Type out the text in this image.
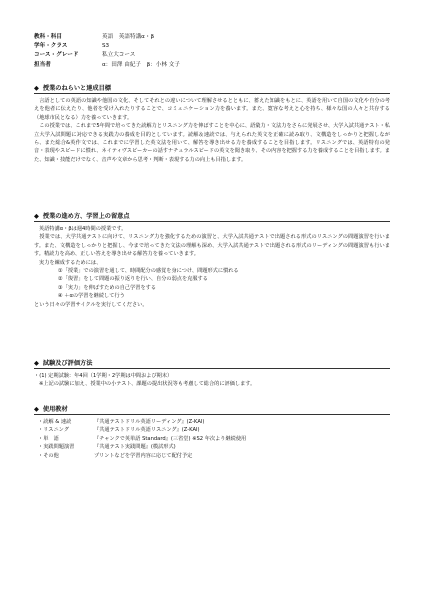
教科・科目	英語　英語特講α・β
学年・クラス	S3
コース・グレード	私立大コース
担当者	α：田澤 由紀子　β：小林 文子
◆ 授業のねらいと達成目標

言語としての英語の知識や他国の文化、そしてそれとの違いについて理解させるとともに、蓄えた知識をもとに、英語を用いて自国の文化や自分の考えを他者に伝えたり、他者を受け入れたりすることで、コミュニケーション力を養います。また、寛容な考えと心を持ち、様々な国の人々と共存する（地球市民となる）力を養っていきます。

この授業では、これまで5年間で培ってきた読解力とリスニング力を伸ばすことを中心に、語彙力・文法力をさらに発展させ、大学入試共通テスト・私立大学入試問題に対応できる実践力の養成を目的としています。読解＆速読では、与えられた英文を正確に読み取り、文構造をしっかりと把握しながら、また総合&英作文では、これまでに学習した英文法を用いて、解答を導き出せる力を養成することを目指します。リスニングでは、英語特有の発音・表現やスピードに慣れ、ネイティヴスピーカーの話すナチュラルスピードの英文を聞き取り、その内容を把握する力を養成することを目指します。また、知識・技能だけでなく、音声や文章から思考・判断・表現する力の向上も目指します。

◆ 授業の進め方、学習上の留意点

英語特講α・βは週4時間の授業です。

授業では、大学共通テストに向けて、リスニング力を強化するための演習と、大学入試共通テストで出題される形式のリスニングの問題演習を行います。また、文構造をしっかりと把握し、今まで培ってきた文法の理解も深め、大学入試共通テストで出題される形式のリーディングの問題演習も行います。精読力を高め、正しい答えを導き出せる解答力を養っていきます。

実力を練成するためには、

①「授業」での演習を通して、時間配分の感覚を身につけ、問題形式に慣れる

②「復習」をして問題の振り返りを行い、自分の弱点を克服する

③「実力」を伸ばすための自己学習をする

④ ＋αの学習を継続して行う

という日々の学習サイクルを実行してください。

◆ 試験及び評価方法

・(1) 定期試験：年4回（1学期・2学期は中間および期末）

※上記の試験に加え、授業中の小テスト、課題の提出状況等も考慮して総合的に評価します。

◆ 使用教材
・読解 & 速読	『共通テストドリル英語リーディング』(Z-KAI)
・リスニング	『共通テストドリル英語リスニング』(Z-KAI)
・単　語	『チャンクで英単語 Standard』(三省堂) ※S2 年次より継続使用
・実践問題演習	『共通テスト実践問題』(模試形式)
・その他	プリントなどを学習内容に応じて配付予定
